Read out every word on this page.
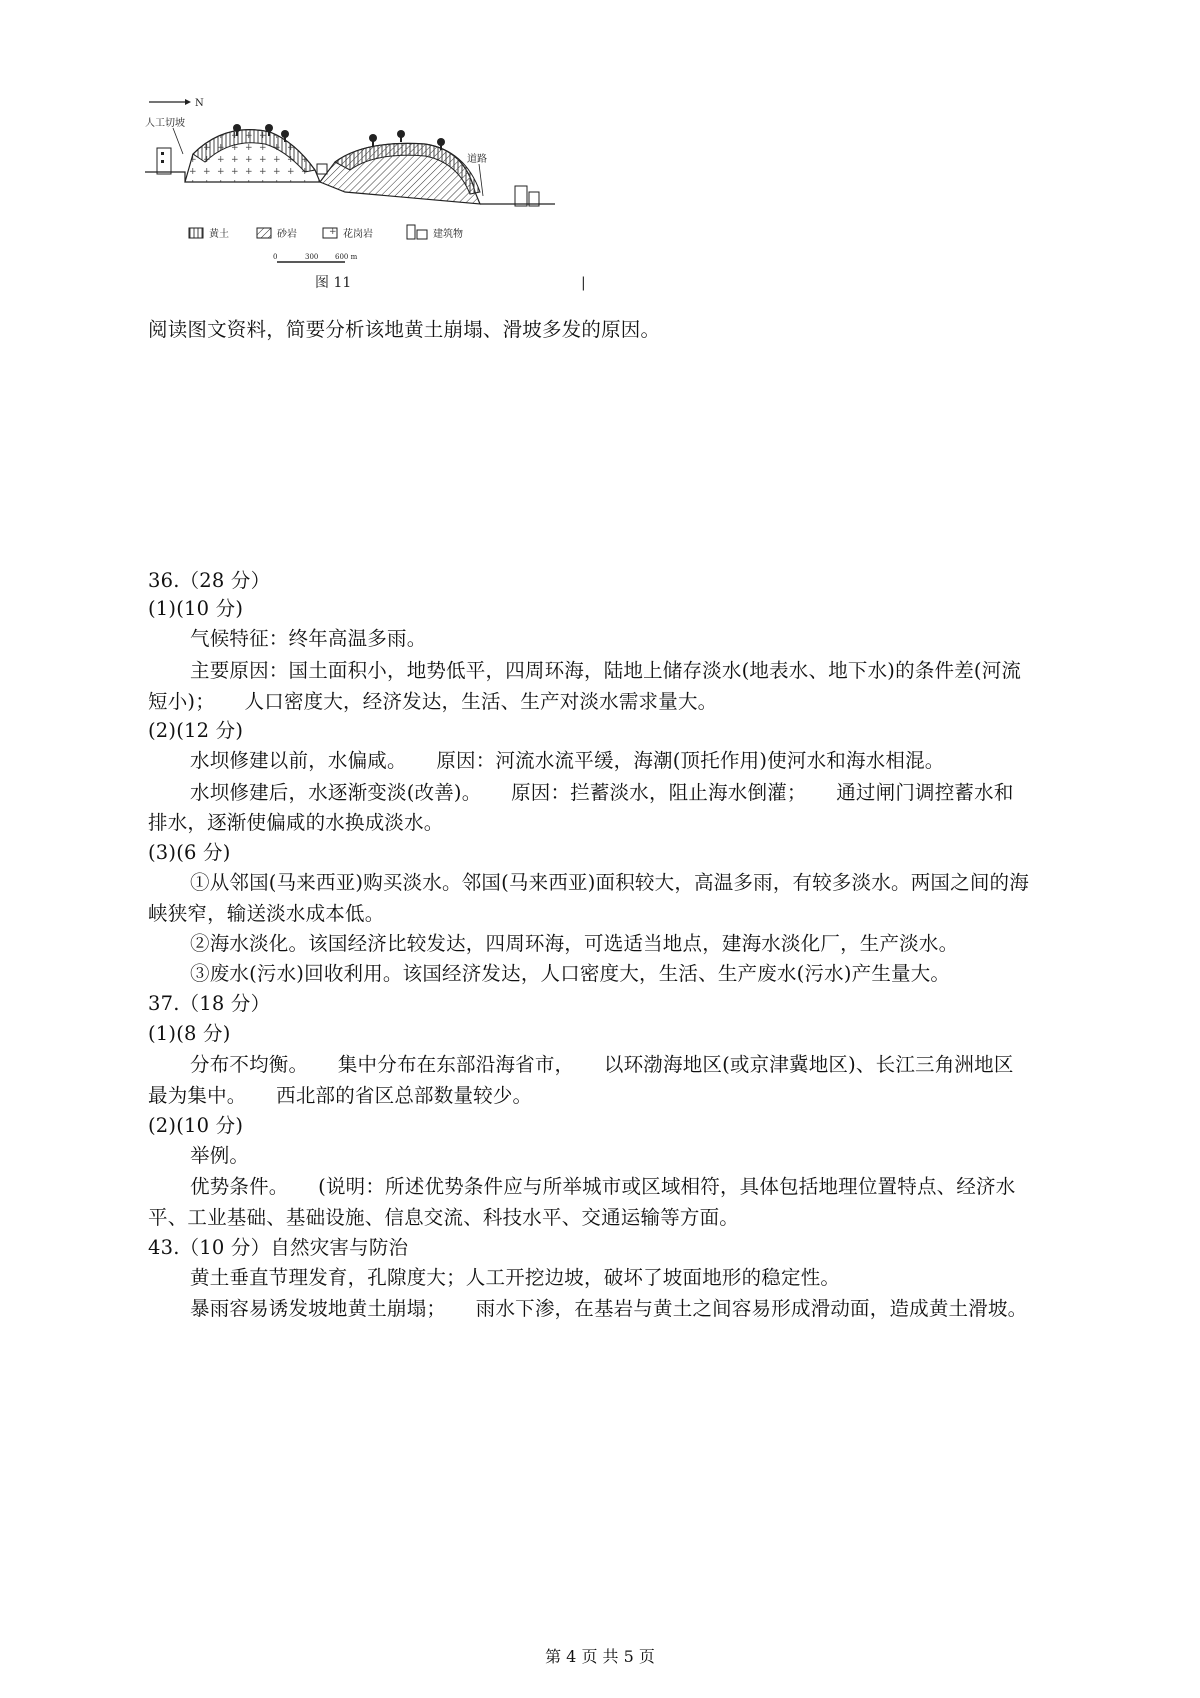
N
人工切坡
道路
黄土	砂岩	花岗岩	建筑物
0	300 600 m
图 11	|
阅读图文资料，简要分析该地黄土崩塌、滑坡多发的原因。
36.（28 分）
(1)(10 分)
气候特征：终年高温多雨。
主要原因：国土面积小，地势低平，四周环海，陆地上储存淡水(地表水、地下水)的条件差(河流
短小)；　　人口密度大，经济发达，生活、生产对淡水需求量大。
(2)(12 分)
水坝修建以前，水偏咸。　　原因：河流水流平缓，海潮(顶托作用)使河水和海水相混。
水坝修建后，水逐渐变淡(改善)。　　原因：拦蓄淡水，阻止海水倒灌；　　通过闸门调控蓄水和
排水，逐渐使偏咸的水换成淡水。
(3)(6 分)
①从邻国(马来西亚)购买淡水。邻国(马来西亚)面积较大，高温多雨，有较多淡水。两国之间的海
峡狭窄，输送淡水成本低。
②海水淡化。该国经济比较发达，四周环海，可选适当地点，建海水淡化厂，生产淡水。
③废水(污水)回收利用。该国经济发达，人口密度大，生活、生产废水(污水)产生量大。
37.（18 分）
(1)(8 分)
分布不均衡。　　集中分布在东部沿海省市，　　以环渤海地区(或京津冀地区)、长江三角洲地区
最为集中。　　西北部的省区总部数量较少。
(2)(10 分)
举例。
优势条件。　　(说明：所述优势条件应与所举城市或区域相符，具体包括地理位置特点、经济水
平、工业基础、基础设施、信息交流、科技水平、交通运输等方面。
43.（10 分）自然灾害与防治
黄土垂直节理发育，孔隙度大；人工开挖边坡，破坏了坡面地形的稳定性。
暴雨容易诱发坡地黄土崩塌；　　雨水下渗，在基岩与黄土之间容易形成滑动面，造成黄土滑坡。
第 4 页 共 5 页
